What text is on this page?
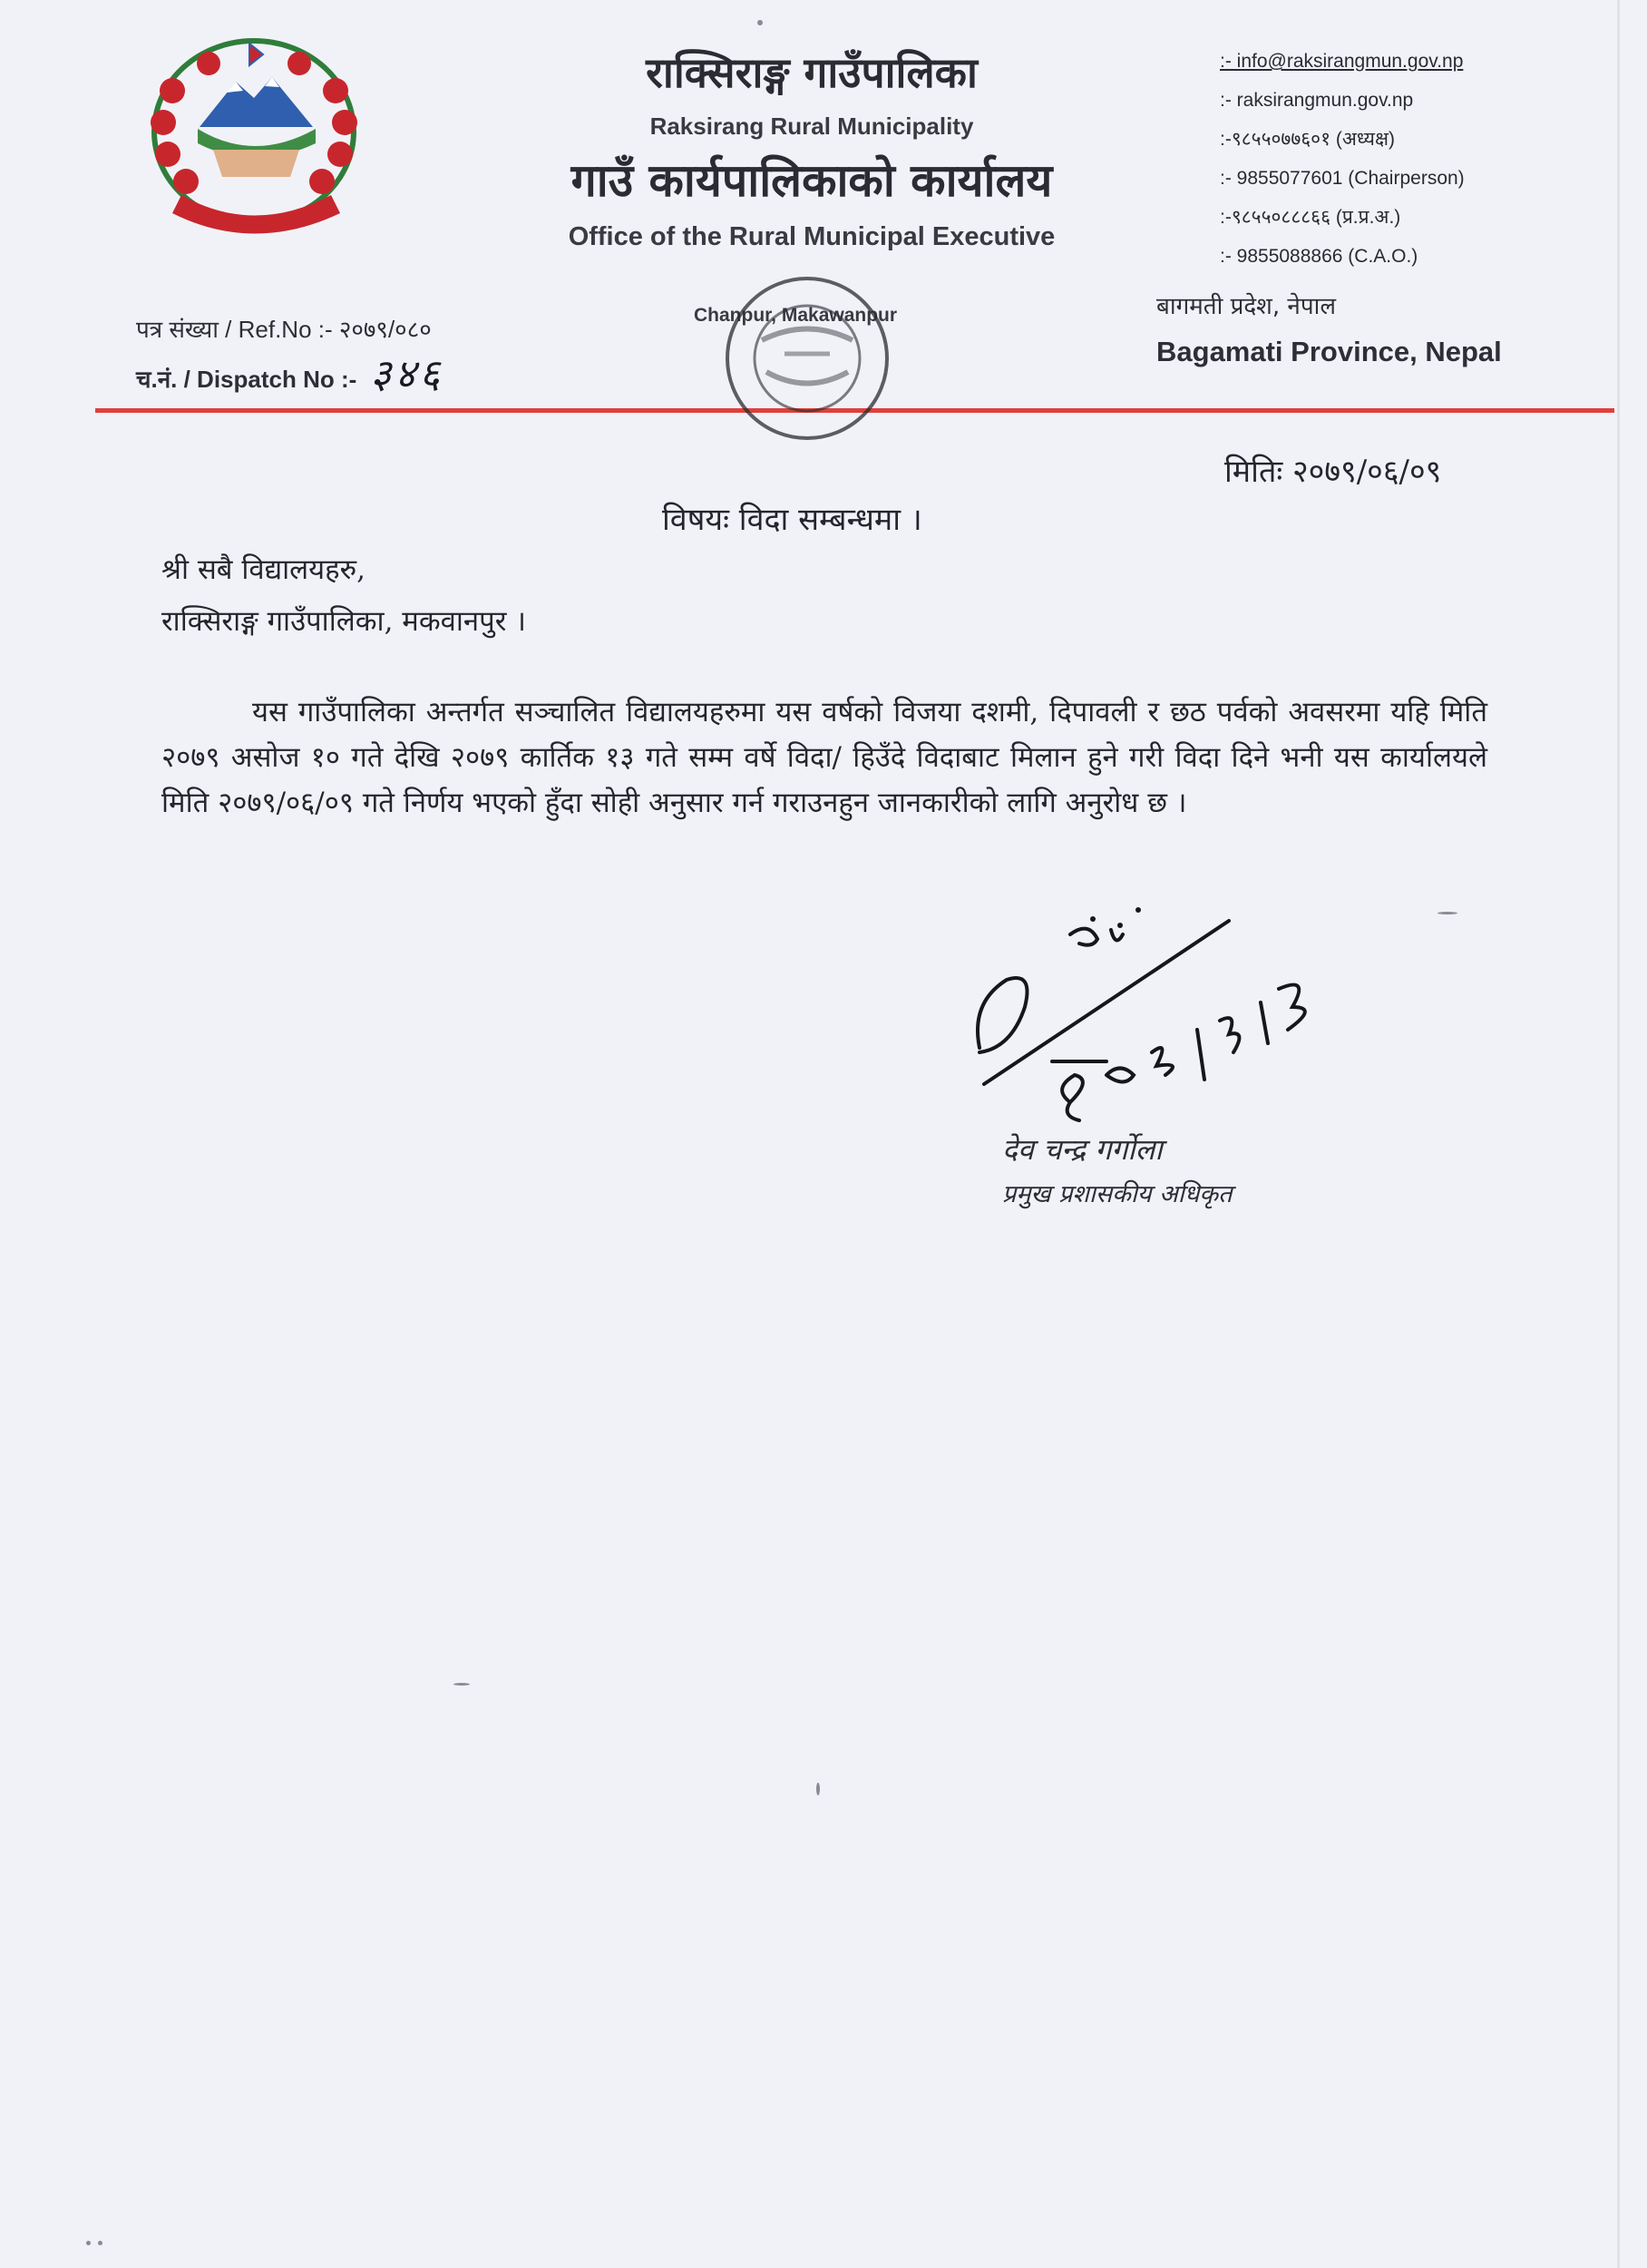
राक्सिराङ्ग गाउँपालिका
Raksirang Rural Municipality
गाउँ कार्यपालिकाको कार्यालय
Office of the Rural Municipal Executive
:- info@raksirangmun.gov.np
:- raksirangmun.gov.np
:-९८५५०७७६०१ (अध्यक्ष)
:- 9855077601 (Chairperson)
:-९८५५०८८८६६ (प्र.प्र.अ.)
:- 9855088866 (C.A.O.)
Chanpur, Makawanpur	बागमती प्रदेश, नेपाल
Bagamati Province, Nepal
पत्र संख्या / Ref.No :- २०७९/०८०
च.नं. / Dispatch No :- ३४६
मितिः २०७९/०६/०९
विषयः विदा सम्बन्धमा ।
श्री सबै विद्यालयहरु,
राक्सिराङ्ग गाउँपालिका, मकवानपुर ।
यस गाउँपालिका अन्तर्गत सञ्चालित विद्यालयहरुमा यस वर्षको विजया दशमी, दिपावली र छठ पर्वको अवसरमा यहि मिति २०७९ असोज १० गते देखि २०७९ कार्तिक १३ गते सम्म वर्षे विदा/ हिउँदे विदाबाट मिलान हुने गरी विदा दिने भनी यस कार्यालयले मिति २०७९/०६/०९ गते निर्णय भएको हुँदा सोही अनुसार गर्न गराउनहुन जानकारीको लागि अनुरोध छ ।
देव चन्द्र गर्गोला
प्रमुख प्रशासकीय अधिकृत
